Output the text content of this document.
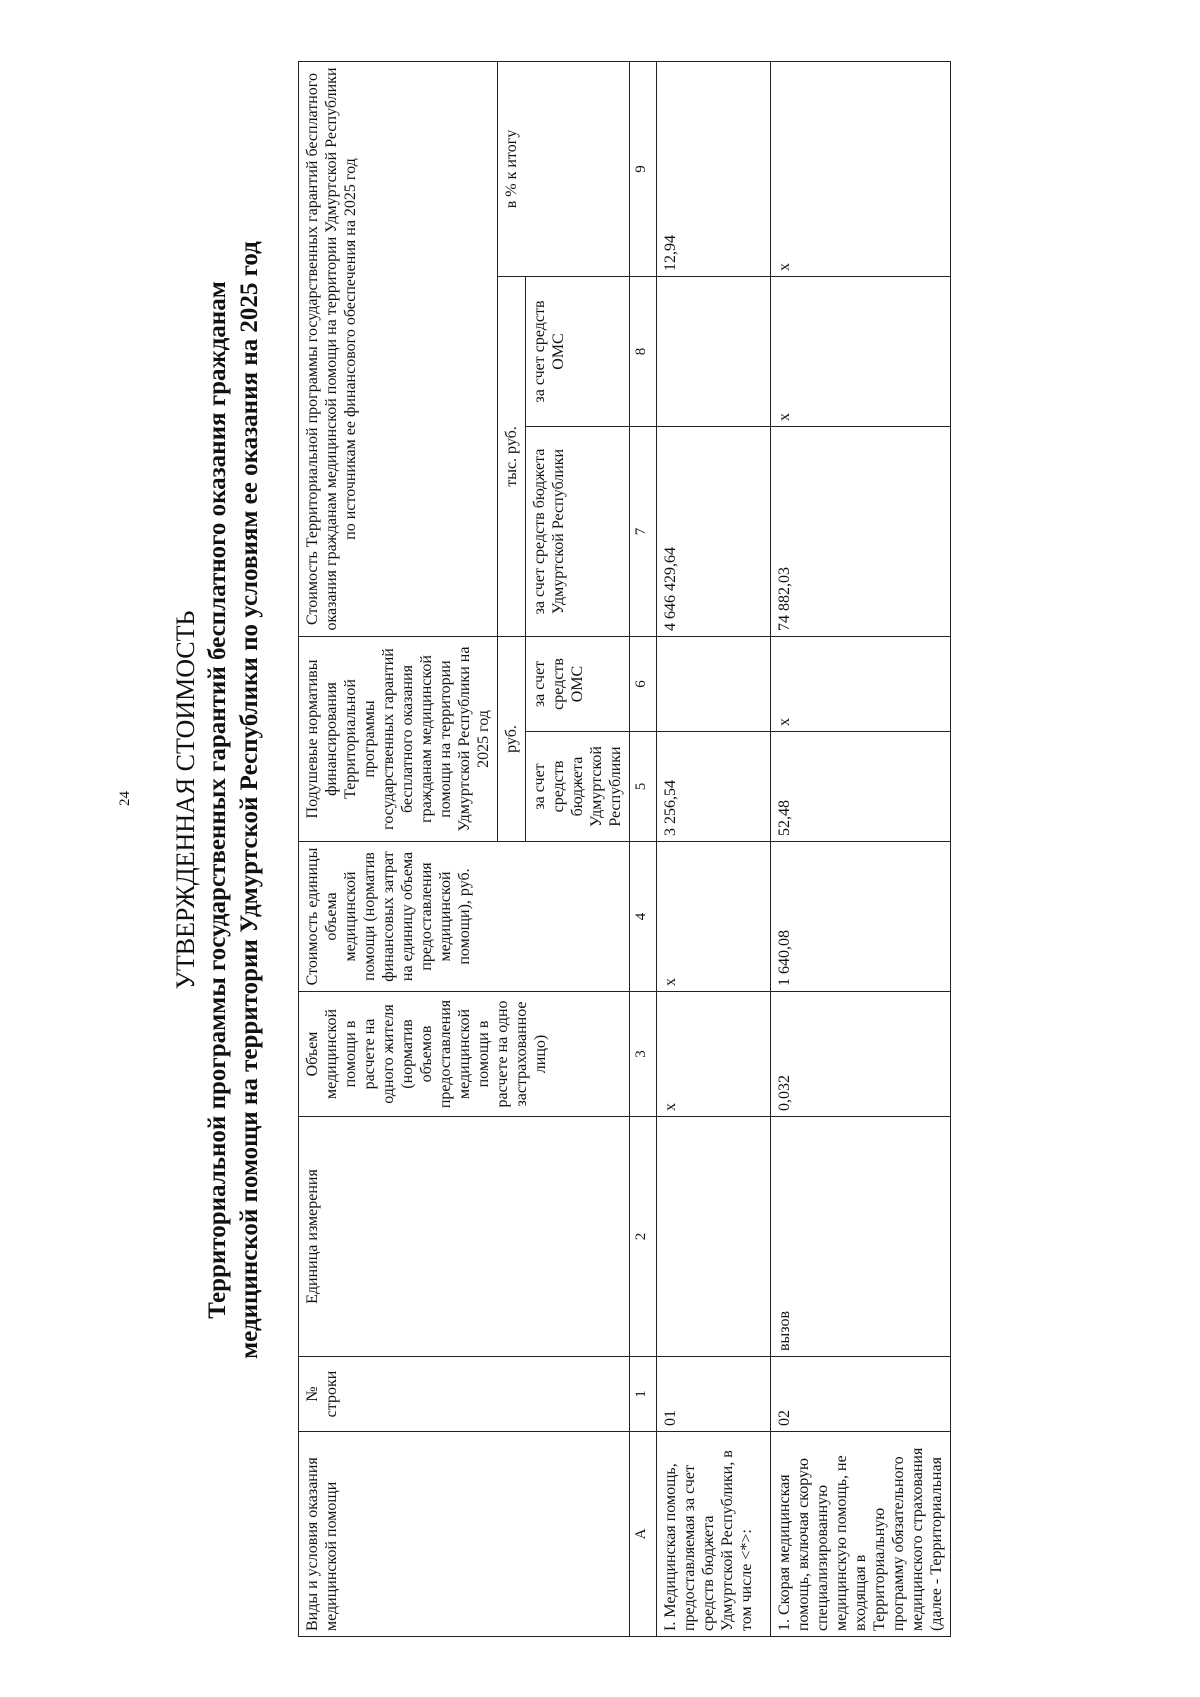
24 УТВЕРЖДЕННАЯ СТОИМОСТЬ Территориальной программы государственных гарантий бесплатного оказания гражданам медицинской помощи на территории Удмуртской Республики по условиям ее оказания на 2025 год

Виды и условия оказания медицинской помощи	№ строки	Единица измерения	Объем медицинской помощи в расчете на одного жителя (норматив объемов предоставления медицинской помощи в расчете на одно застрахованное лицо)	Стоимость единицы объема медицинской помощи (норматив финансовых затрат на единицу объема предоставления медицинской помощи), руб.	Подушевые нормативы финансирования Территориальной программы государственных гарантий бесплатного оказания гражданам медицинской помощи на территории Удмуртской Республики на 2025 год		Стоимость Территориальной программы государственных гарантий бесплатного оказания гражданам медицинской помощи на территории Удмуртской Республики по источникам ее финансового обеспечения на 2025 год		
					руб.		тыс. руб.		в % к итогу
					за счет средств бюджета Удмуртской Республики	за счет средств ОМС	за счет средств бюджета Удмуртской Республики	за счет средств ОМС	
А	1	2	3	4	5	6	7	8	9
I. Медицинская помощь, предоставляемая за счет средств бюджета Удмуртской Республики, в том числе <*>:	01		х	х	3 256,54		4 646 429,64		12,94
1. Скорая медицинская помощь, включая скорую специализированную медицинскую помощь, не входящая в Территориальную программу обязательного медицинского страхования (далее - Территориальная	02	вызов	0,032	1 640,08	52,48	х	74 882,03	х	х
